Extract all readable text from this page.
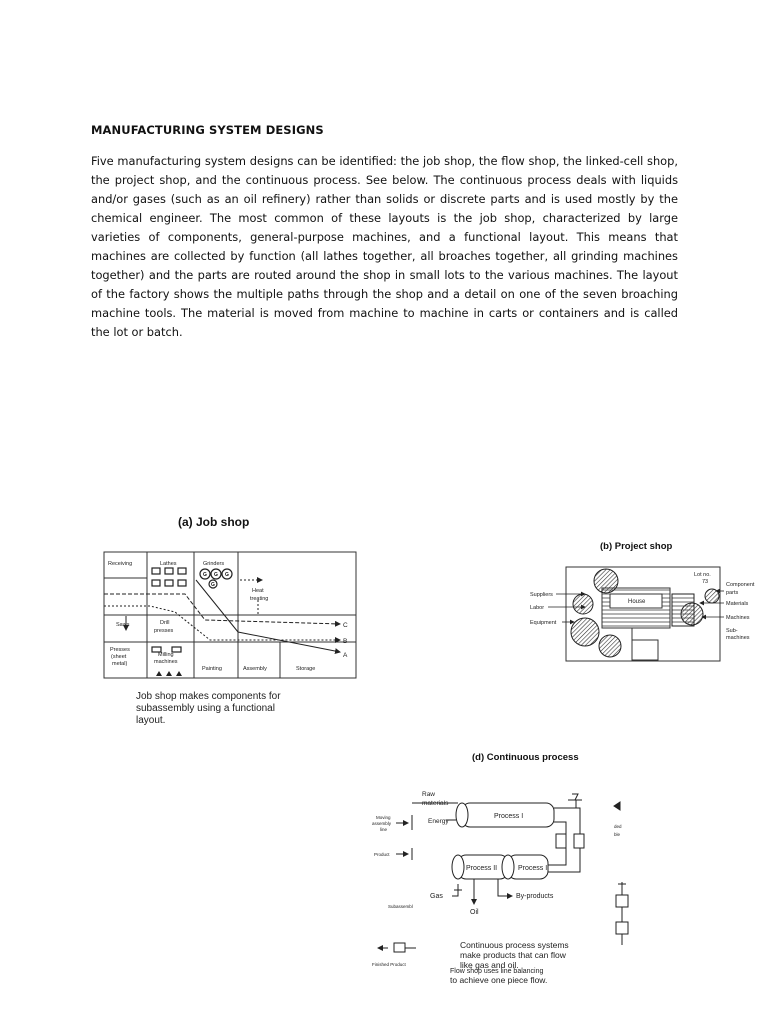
MANUFACTURING SYSTEM DESIGNS

Five manufacturing system designs can be identified: the job shop, the flow shop, the linked-cell shop, the project shop, and the continuous process. See below. The continuous process deals with liquids and/or gases (such as an oil refinery) rather than solids or discrete parts and is used mostly by the chemical engineer. The most common of these layouts is the job shop, characterized by large varieties of components, general-purpose machines, and a functional layout. This means that machines are collected by function (all lathes together, all broaches together, all grinding machines together) and the parts are routed around the shop in small lots to the various machines. The layout of the factory shows the multiple paths through the shop and a detail on one of the seven broaching machine tools. The material is moved from machine to machine in carts or containers and is called the lot or batch.

(a) Job shop
Receiving	Lathes	Grinders
Heat
treating
Saws	Drill
presses
Presses
(sheet
metal)
Milling
machines
Painting	Assembly	Storage
G G G
G
C
B
A
Job shop makes components for
subassembly using a functional
layout.
(b) Project shop
House
Lot no.
73
Suppliers
Labor
Equipment
Component
parts
Materials
Machines
Sub-
machines
(d) Continuous process
Raw
materials
Energy
Process I
Process II	Process I
Gas
Oil
By-products
Continuous process systems
make products that can flow
like gas and oil.
Flow shop uses line balancing
to achieve one piece flow.
Moving
assembly
line
Product
Subassembl
Finished Product
ded
ble
